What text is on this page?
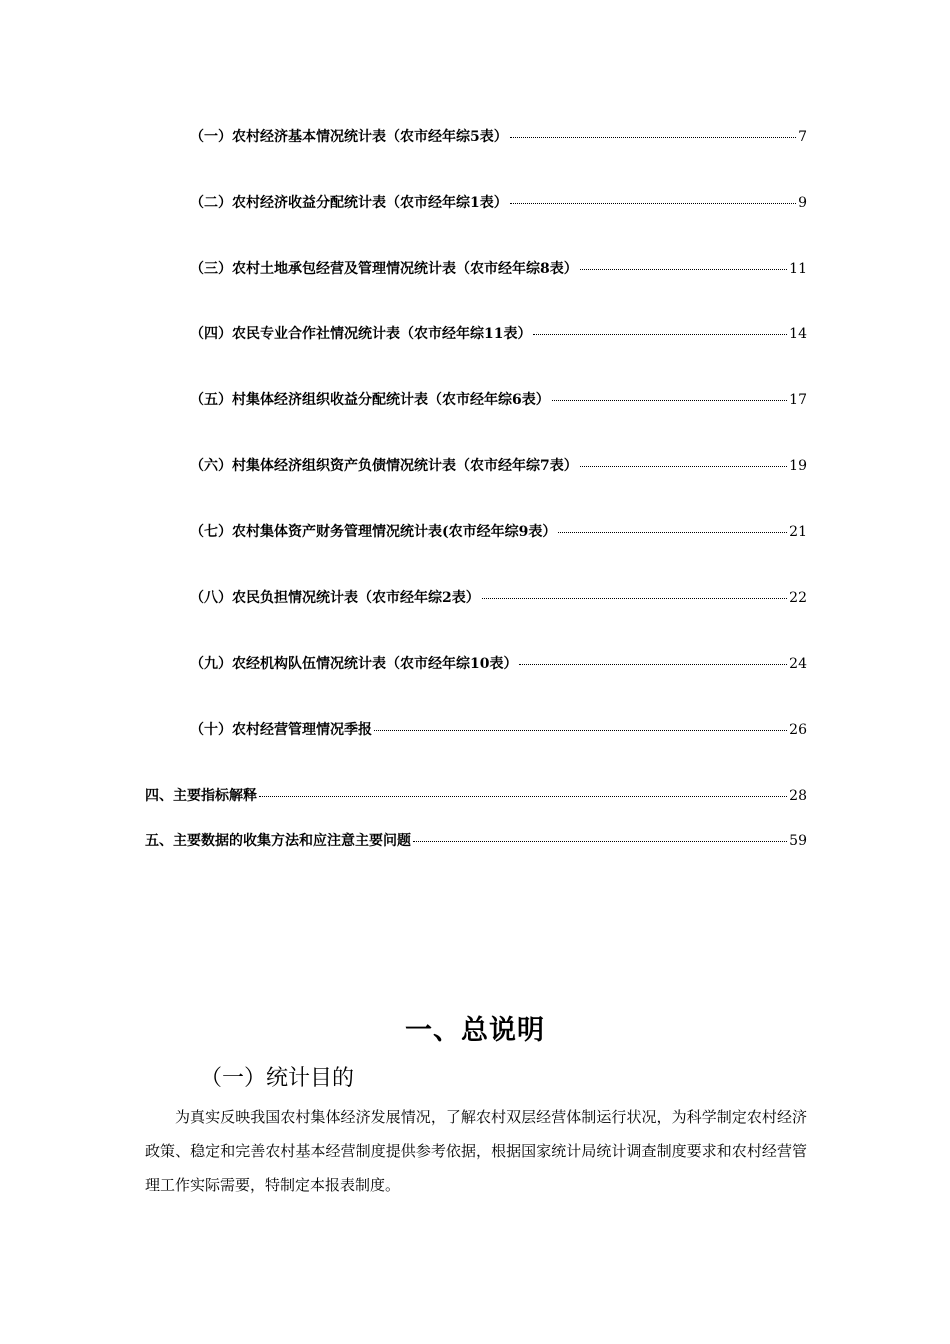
（一）农村经济基本情况统计表（农市经年综5表）	7
（二）农村经济收益分配统计表（农市经年综1表）	9
（三）农村土地承包经营及管理情况统计表（农市经年综8表）	11
（四）农民专业合作社情况统计表（农市经年综11表）	14
（五）村集体经济组织收益分配统计表（农市经年综6表）	17
（六）村集体经济组织资产负债情况统计表（农市经年综7表）	19
（七）农村集体资产财务管理情况统计表(农市经年综9表）	21
（八）农民负担情况统计表（农市经年综2表）	22
（九）农经机构队伍情况统计表（农市经年综10表）	24
（十）农村经营管理情况季报	26
四、主要指标解释	28
五、主要数据的收集方法和应注意主要问题	59
一、总说明
（一）统计目的

为真实反映我国农村集体经济发展情况，了解农村双层经营体制运行状况，为科学制定农村经济政策、稳定和完善农村基本经营制度提供参考依据，根据国家统计局统计调查制度要求和农村经营管理工作实际需要，特制定本报表制度。
